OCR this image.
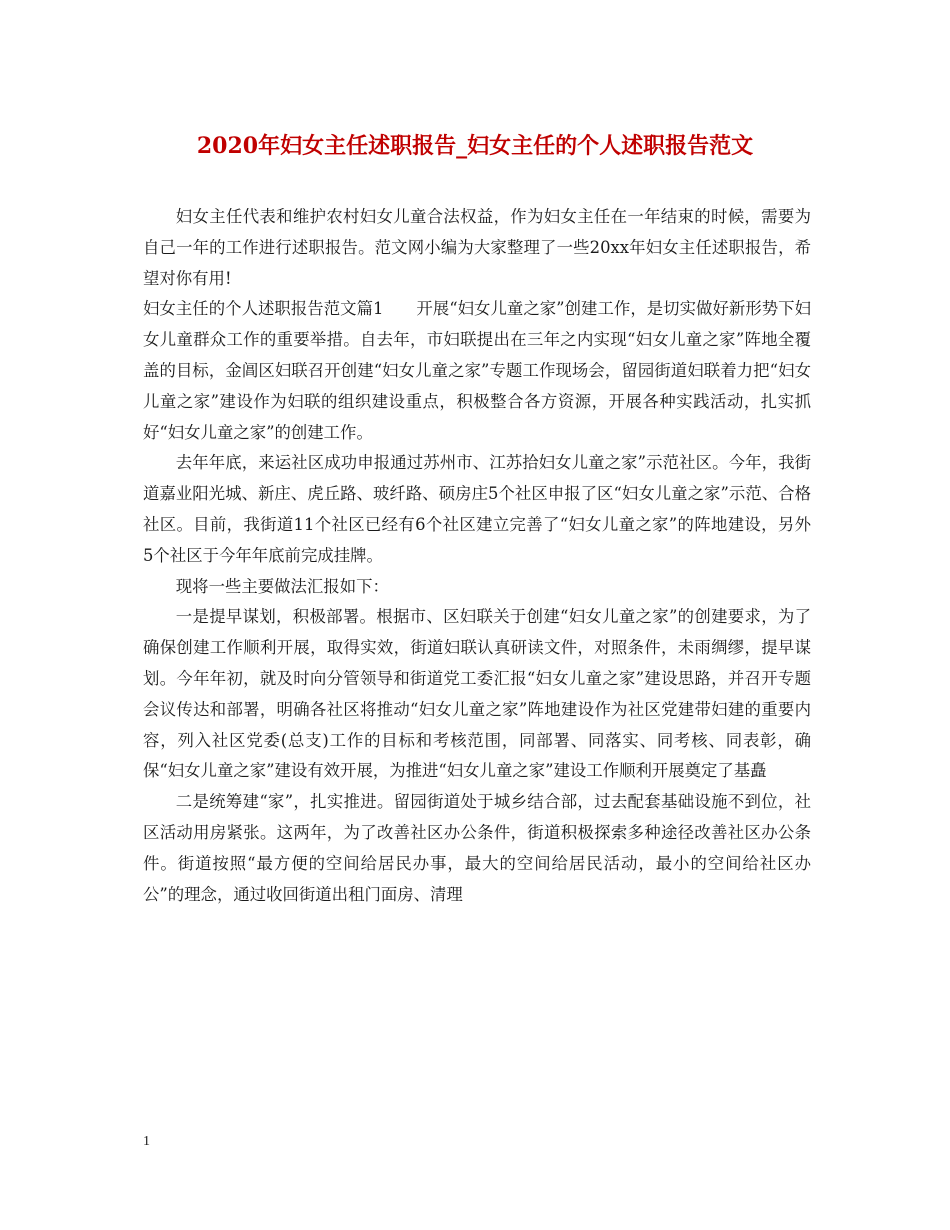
2020年妇女主任述职报告_妇女主任的个人述职报告范文

妇女主任代表和维护农村妇女儿童合法权益，作为妇女主任在一年结束的时候，需要为自己一年的工作进行述职报告。范文网小编为大家整理了一些20xx年妇女主任述职报告，希望对你有用!

妇女主任的个人述职报告范文篇1　　开展“妇女儿童之家”创建工作，是切实做好新形势下妇女儿童群众工作的重要举措。自去年，市妇联提出在三年之内实现“妇女儿童之家”阵地全覆盖的目标，金阊区妇联召开创建“妇女儿童之家”专题工作现场会，留园街道妇联着力把“妇女儿童之家”建设作为妇联的组织建设重点，积极整合各方资源，开展各种实践活动，扎实抓好“妇女儿童之家”的创建工作。

去年年底，来运社区成功申报通过苏州市、江苏拾妇女儿童之家”示范社区。今年，我街道嘉业阳光城、新庄、虎丘路、玻纤路、硕房庄5个社区申报了区“妇女儿童之家”示范、合格社区。目前，我街道11个社区已经有6个社区建立完善了“妇女儿童之家”的阵地建设，另外 5个社区于今年年底前完成挂牌。

现将一些主要做法汇报如下：

一是提早谋划，积极部署。根据市、区妇联关于创建“妇女儿童之家”的创建要求，为了确保创建工作顺利开展，取得实效，街道妇联认真研读文件，对照条件，未雨绸缪，提早谋划。今年年初，就及时向分管领导和街道党工委汇报“妇女儿童之家”建设思路，并召开专题会议传达和部署，明确各社区将推动“妇女儿童之家”阵地建设作为社区党建带妇建的重要内容，列入社区党委(总支)工作的目标和考核范围，同部署、同落实、同考核、同表彰，确保“妇女儿童之家”建设有效开展，为推进“妇女儿童之家”建设工作顺利开展奠定了基矗

二是统筹建“家”，扎实推进。留园街道处于城乡结合部，过去配套基础设施不到位，社区活动用房紧张。这两年，为了改善社区办公条件，街道积极探索多种途径改善社区办公条件。街道按照“最方便的空间给居民办事，最大的空间给居民活动，最小的空间给社区办公”的理念，通过收回街道出租门面房、清理

1
